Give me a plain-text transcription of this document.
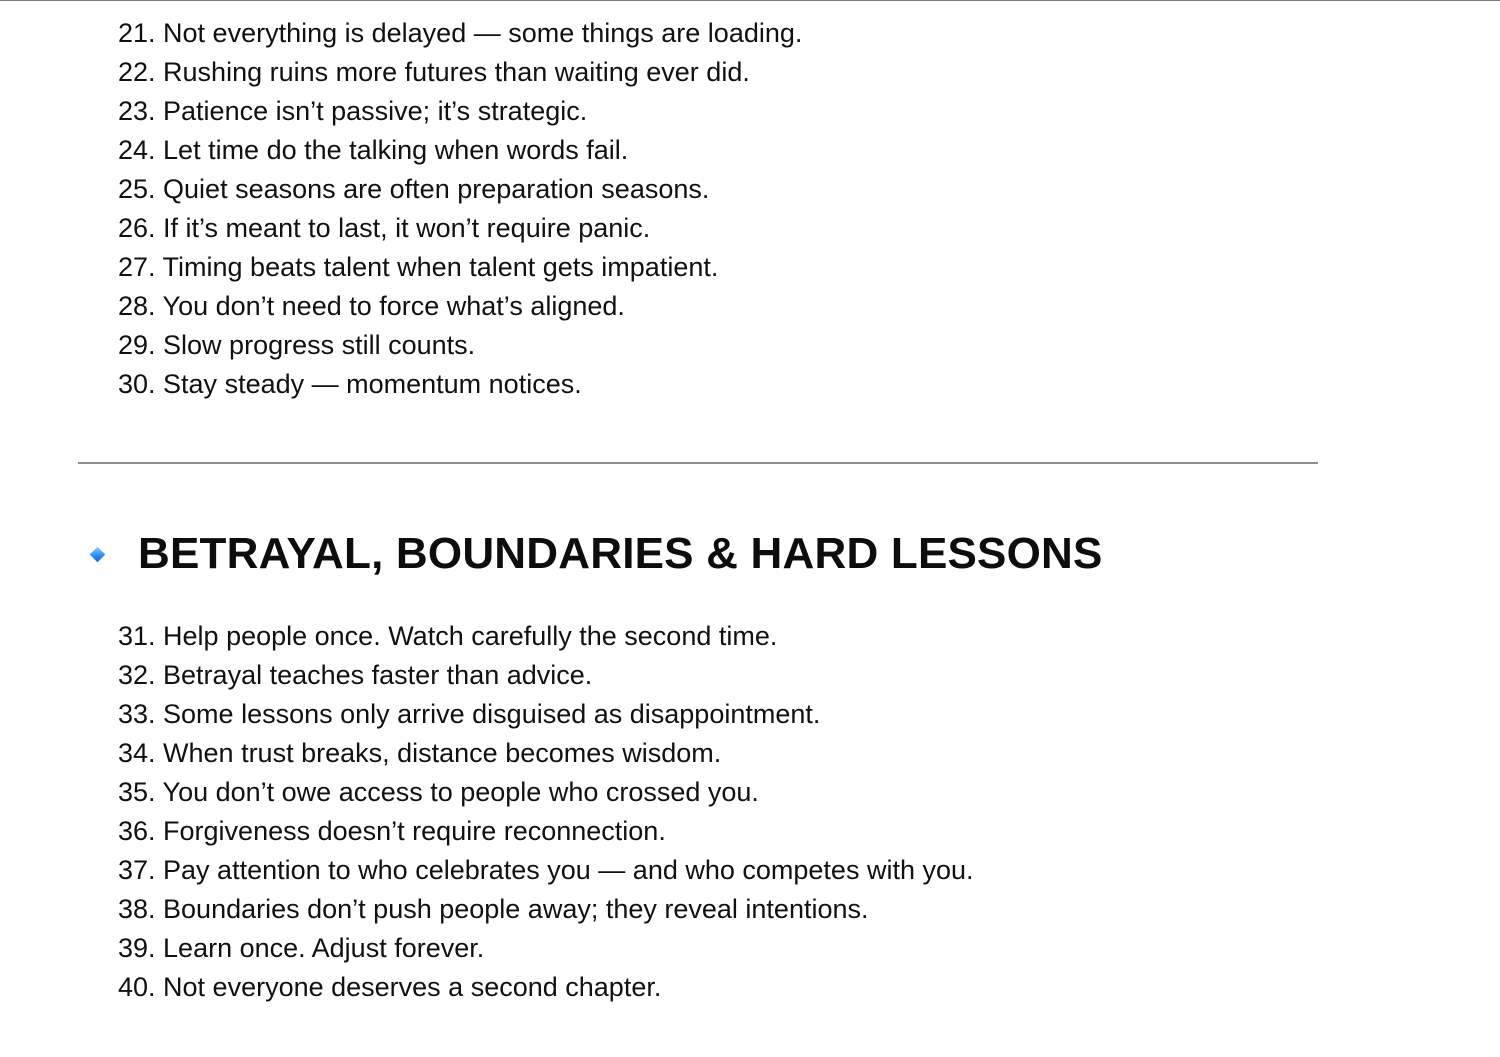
21. Not everything is delayed — some things are loading.
22. Rushing ruins more futures than waiting ever did.
23. Patience isn’t passive; it’s strategic.
24. Let time do the talking when words fail.
25. Quiet seasons are often preparation seasons.
26. If it’s meant to last, it won’t require panic.
27. Timing beats talent when talent gets impatient.
28. You don’t need to force what’s aligned.
29. Slow progress still counts.
30. Stay steady — momentum notices.
BETRAYAL, BOUNDARIES & HARD LESSONS
31. Help people once. Watch carefully the second time.
32. Betrayal teaches faster than advice.
33. Some lessons only arrive disguised as disappointment.
34. When trust breaks, distance becomes wisdom.
35. You don’t owe access to people who crossed you.
36. Forgiveness doesn’t require reconnection.
37. Pay attention to who celebrates you — and who competes with you.
38. Boundaries don’t push people away; they reveal intentions.
39. Learn once. Adjust forever.
40. Not everyone deserves a second chapter.
